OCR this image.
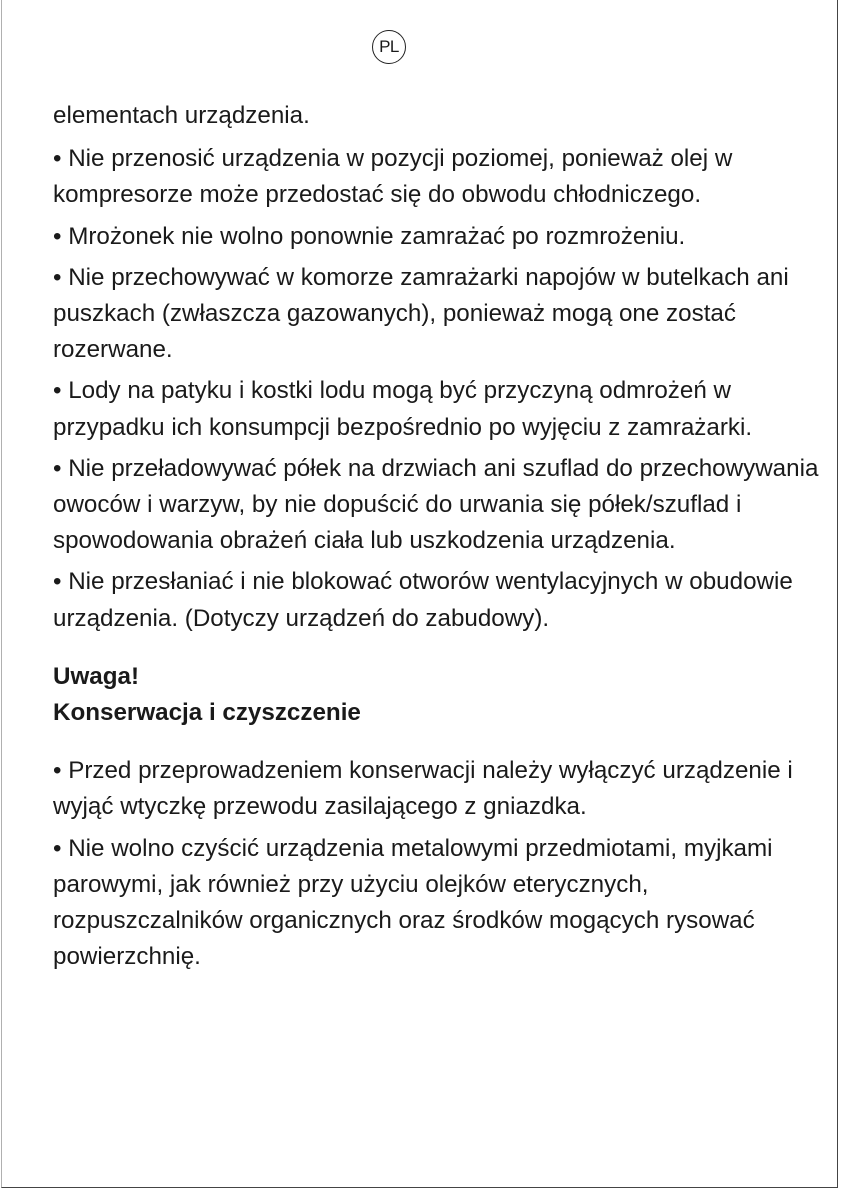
PL

elementach urządzenia.

• Nie przenosić urządzenia w pozycji poziomej, ponieważ olej w kompresorze może przedostać się do obwodu chłodniczego.

• Mrożonek nie wolno ponownie zamrażać po rozmrożeniu.

• Nie przechowywać w komorze zamrażarki napojów w butelkach ani puszkach (zwłaszcza gazowanych), ponieważ mogą one zostać rozerwane.

• Lody na patyku i kostki lodu mogą być przyczyną odmrożeń w przypadku ich konsumpcji bezpośrednio po wyjęciu z zamrażarki.

• Nie przeładowywać półek na drzwiach ani szuflad do przechowywania owoców i warzyw, by nie dopuścić do urwania się półek/szuflad i spowodowania obrażeń ciała lub uszkodzenia urządzenia.

• Nie przesłaniać i nie blokować otworów wentylacyjnych w obudowie urządzenia. (Dotyczy urządzeń do zabudowy).

Uwaga!

Konserwacja i czyszczenie

• Przed przeprowadzeniem konserwacji należy wyłączyć urządzenie i wyjąć wtyczkę przewodu zasilającego z gniazdka.

• Nie wolno czyścić urządzenia metalowymi przedmiotami, myjkami parowymi, jak również przy użyciu olejków eterycznych, rozpuszczalników organicznych oraz środków mogących rysować powierzchnię.
